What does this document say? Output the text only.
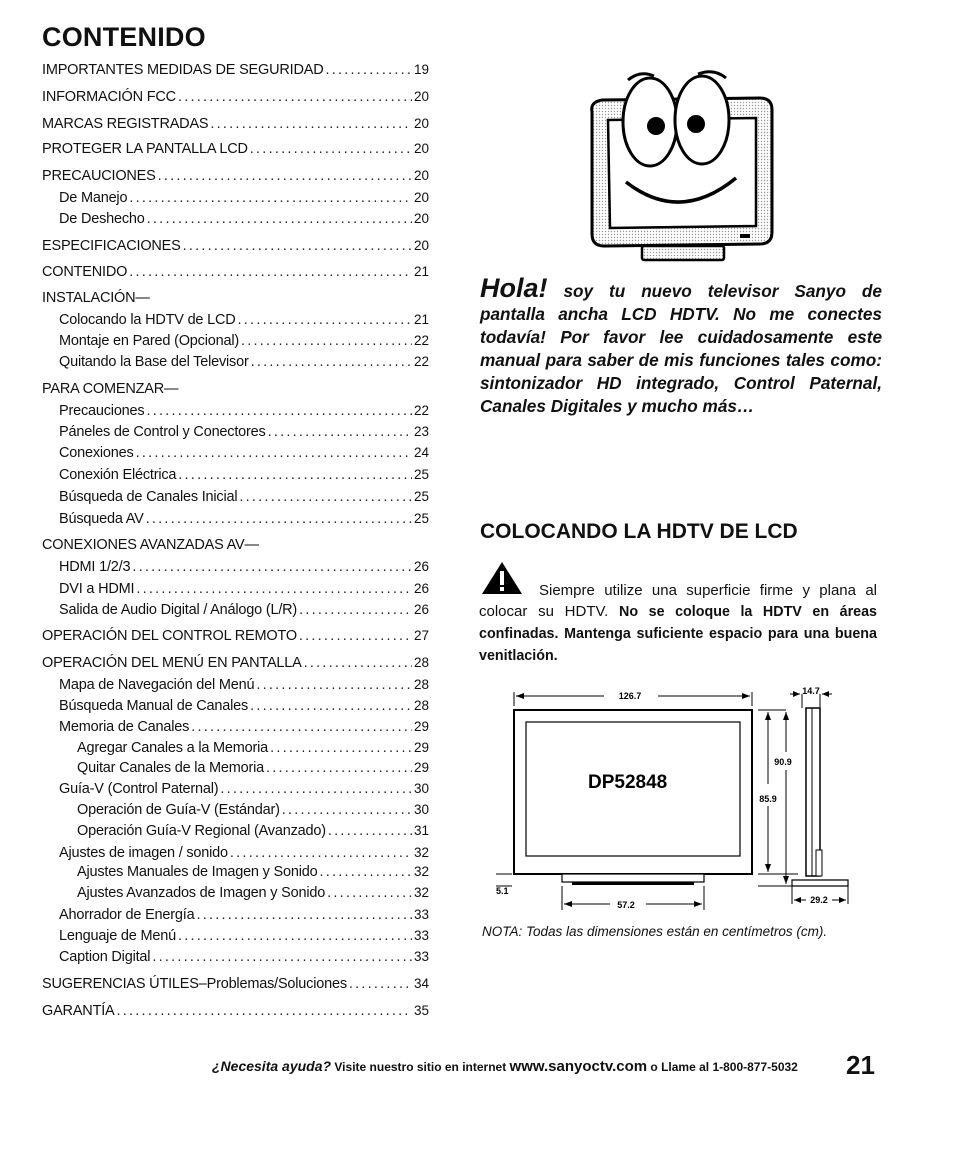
CONTENIDO
IMPORTANTES MEDIDAS DE SEGURIDAD . . .	19
INFORMACIÓN FCC . . .	20
MARCAS REGISTRADAS . . .	20
PROTEGER LA PANTALLA LCD . . .	20
PRECAUCIONES . . .	20
De Manejo . . .	20
De Deshecho . . .	20
ESPECIFICACIONES . . .	20
CONTENIDO . . .	21
INSTALACIÓN—
Colocando la HDTV de LCD . . .	21
Montaje en Pared (Opcional) . . .	22
Quitando la Base del Televisor . . .	22
PARA COMENZAR—
Precauciones . . .	22
Páneles de Control y Conectores . . .	23
Conexiones . . .	24
Conexión Eléctrica . . .	25
Búsqueda de Canales Inicial . . .	25
Búsqueda AV . . .	25
CONEXIONES AVANZADAS AV—
HDMI 1/2/3 . . .	26
DVI a HDMI . . .	26
Salida de Audio Digital / Análogo (L/R) . . .	26
OPERACIÓN DEL CONTROL REMOTO . . .	27
OPERACIÓN DEL MENÚ EN PANTALLA . . .	28
Mapa de Navegación del Menú . . .	28
Búsqueda Manual de Canales . . .	28
Memoria de Canales . . .	29
Agregar Canales a la Memoria . . .	29
Quitar Canales de la Memoria . . .	29
Guía-V (Control Paternal) . . .	30
Operación de Guía-V (Estándar) . . .	30
Operación Guía-V Regional (Avanzado) . . .	31
Ajustes de imagen / sonido . . .	32
Ajustes Manuales de Imagen y Sonido . . .	32
Ajustes Avanzados de Imagen y Sonido . . .	32
Ahorrador de Energía . . .	33
Lenguaje de Menú . . .	33
Caption Digital . . .	33
SUGERENCIAS ÚTILES–Problemas/Soluciones . . .	34
GARANTÍA . . .	35
Hola! soy tu nuevo televisor Sanyo de pantalla ancha LCD HDTV. No me conectes todavía! Por favor lee cuidadosamente este manual para saber de mis funciones tales como: sintonizador HD integrado, Control Paternal, Canales Digitales y mucho más…
COLOCANDO LA HDTV DE LCD
Siempre utilize una superficie firme y plana al colocar su HDTV. No se coloque la HDTV en áreas confinadas. Mantenga suficiente espacio para una buena venitlación.
126.7
DP52848
85.9
90.9
5.1
57.2
14.7
29.2
NOTA: Todas las dimensiones están en centímetros (cm).
¿Necesita ayuda? Visite nuestro sitio en internet www.sanyoctv.com o Llame al 1-800-877-5032 21
